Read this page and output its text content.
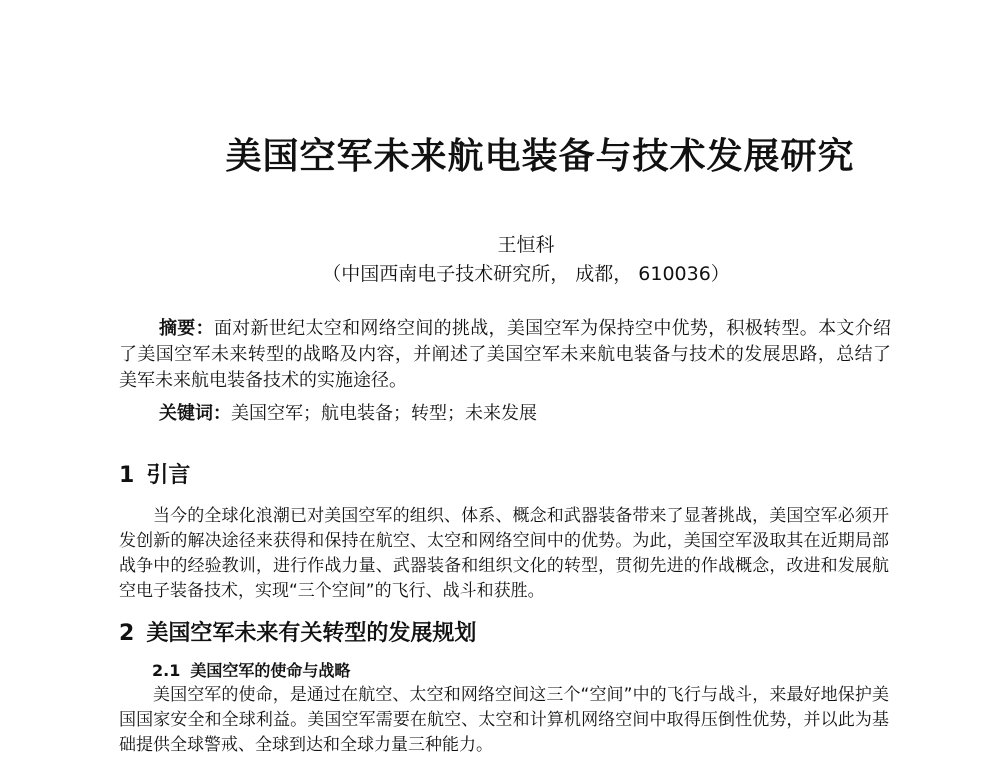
美国空军未来航电装备与技术发展研究
王恒科
（中国西南电子技术研究所， 成都， 610036）
摘要：面对新世纪太空和网络空间的挑战，美国空军为保持空中优势，积极转型。本文介绍了美国空军未来转型的战略及内容，并阐述了美国空军未来航电装备与技术的发展思路，总结了美军未来航电装备技术的实施途径。
关键词：美国空军；航电装备；转型；未来发展
1 引言
当今的全球化浪潮已对美国空军的组织、体系、概念和武器装备带来了显著挑战，美国空军必须开发创新的解决途径来获得和保持在航空、太空和网络空间中的优势。为此，美国空军汲取其在近期局部战争中的经验教训，进行作战力量、武器装备和组织文化的转型，贯彻先进的作战概念，改进和发展航空电子装备技术，实现“三个空间”的飞行、战斗和获胜。
2 美国空军未来有关转型的发展规划
2.1 美国空军的使命与战略
美国空军的使命，是通过在航空、太空和网络空间这三个“空间”中的飞行与战斗，来最好地保护美国国家安全和全球利益。美国空军需要在航空、太空和计算机网络空间中取得压倒性优势，并以此为基础提供全球警戒、全球到达和全球力量三种能力。
